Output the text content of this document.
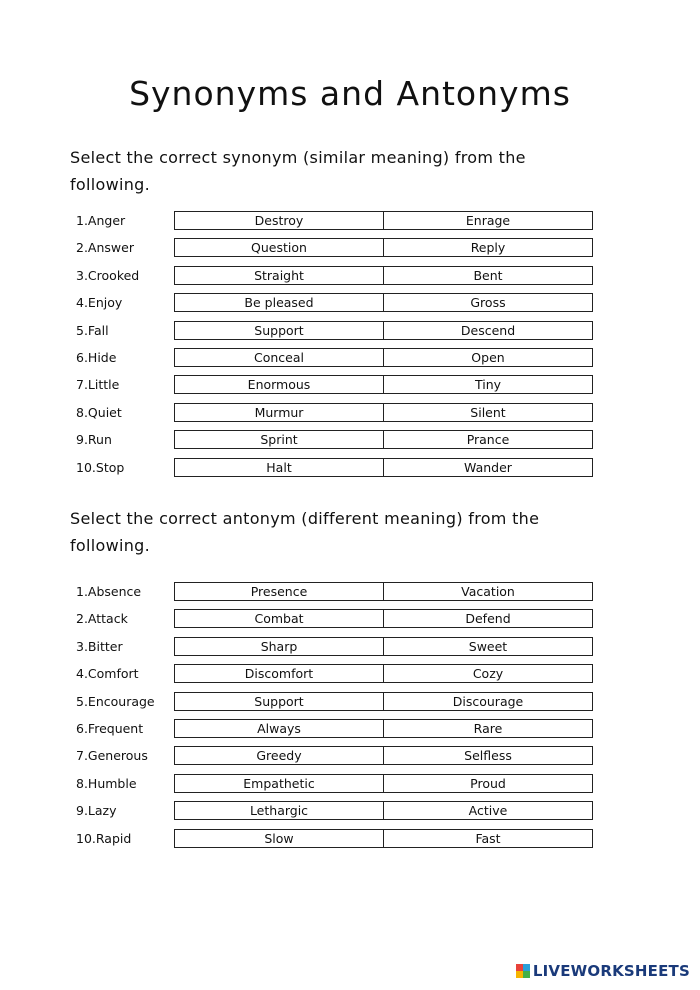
Synonyms and Antonyms
Select the correct synonym (similar meaning) from the
following.
1.Anger	Destroy	Enrage
2.Answer	Question	Reply
3.Crooked	Straight	Bent
4.Enjoy	Be pleased	Gross
5.Fall	Support	Descend
6.Hide	Conceal	Open
7.Little	Enormous	Tiny
8.Quiet	Murmur	Silent
9.Run	Sprint	Prance
10.Stop	Halt	Wander
Select the correct antonym (different meaning) from the
following.
1.Absence	Presence	Vacation
2.Attack	Combat	Defend
3.Bitter	Sharp	Sweet
4.Comfort	Discomfort	Cozy
5.Encourage	Support	Discourage
6.Frequent	Always	Rare
7.Generous	Greedy	Selfless
8.Humble	Empathetic	Proud
9.Lazy	Lethargic	Active
10.Rapid	Slow	Fast
LIVEWORKSHEETS
